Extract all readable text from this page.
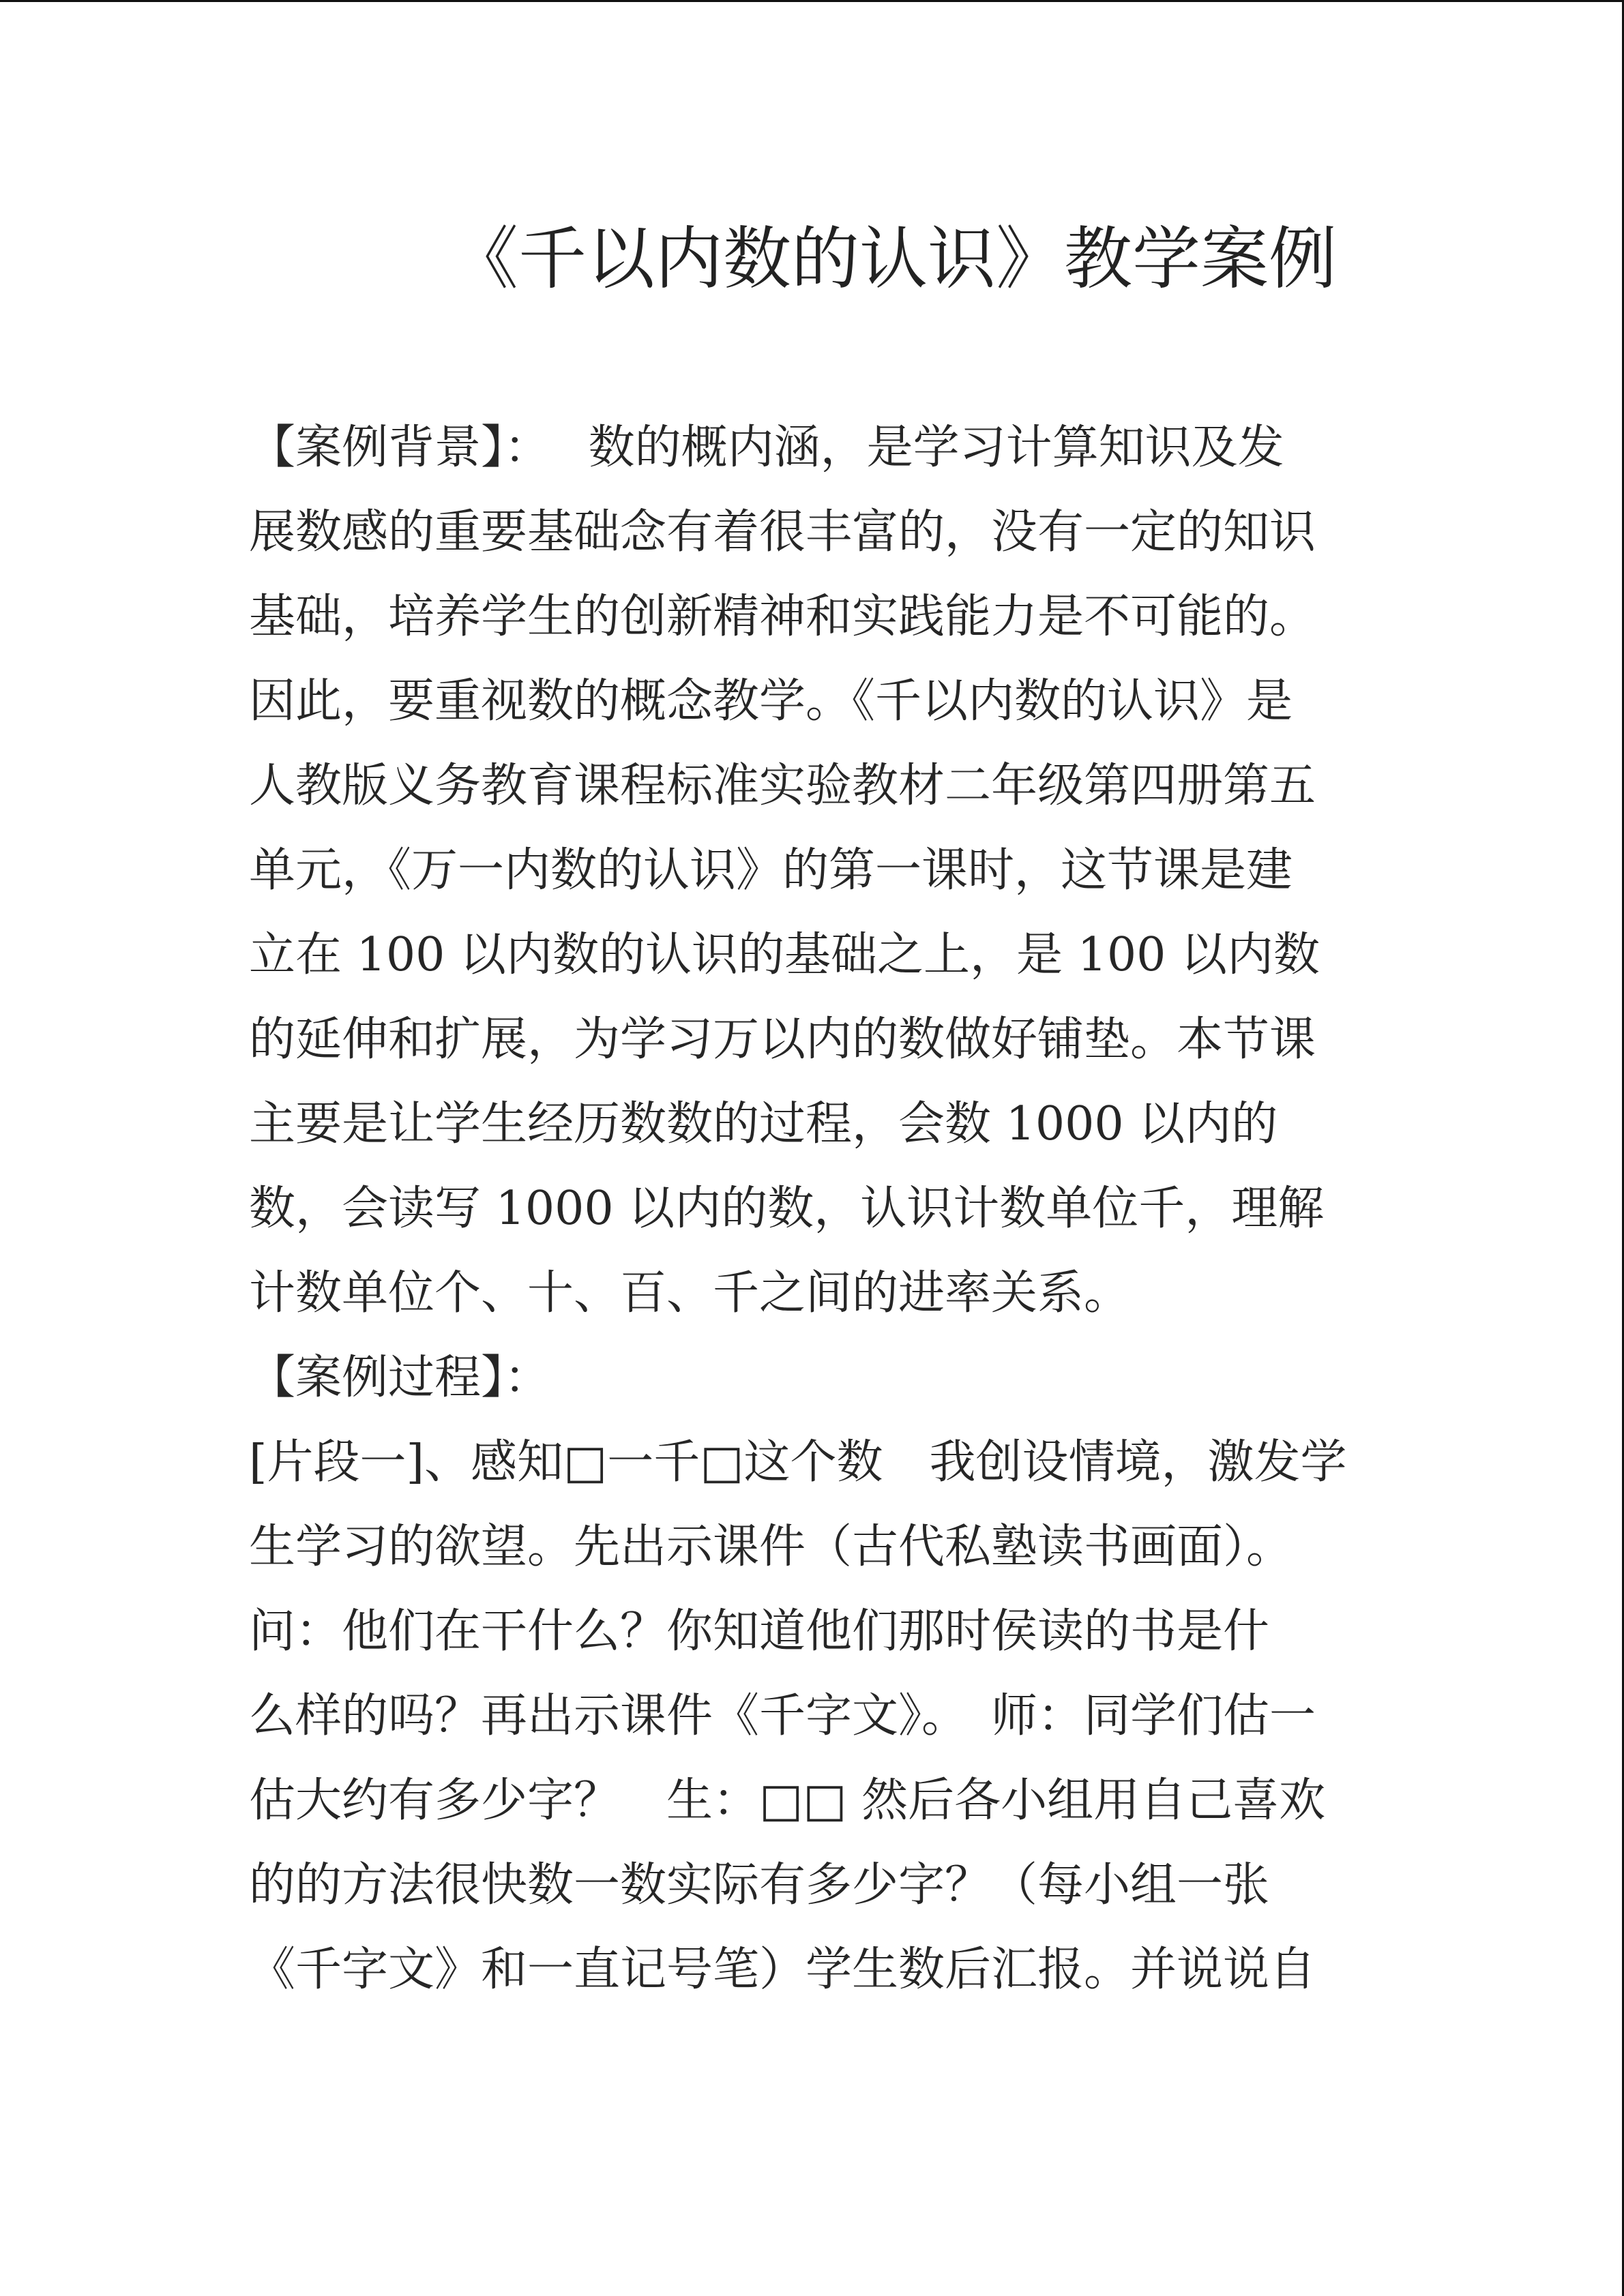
《千以内数的认识》教学案例
【案例背景】：　 数的概内涵，是学习计算知识及发
展数感的重要基础念有着很丰富的，没有一定的知识
基础，培养学生的创新精神和实践能力是不可能的。
因此，要重视数的概念教学。《千以内数的认识》是
人教版义务教育课程标准实验教材二年级第四册第五
单元，《万一内数的认识》的第一课时，这节课是建
立在 100 以内数的认识的基础之上，是 100 以内数
的延伸和扩展，为学习万以内的数做好铺垫。本节课
主要是让学生经历数数的过程，会数 1000 以内的
数，会读写 1000 以内的数，认识计数单位千，理解
计数单位个、十、百、千之间的进率关系。
【案例过程】：
[片段一]、感知□一千□这个数　我创设情境，激发学
生学习的欲望。先出示课件（古代私塾读书画面）。
问：他们在干什么？你知道他们那时侯读的书是什
么样的吗？再出示课件《千字文》。　师：同学们估一
估大约有多少字？　生：□□ 然后各小组用自己喜欢
的的方法很快数一数实际有多少字？（每小组一张
《千字文》和一直记号笔）学生数后汇报。并说说自
